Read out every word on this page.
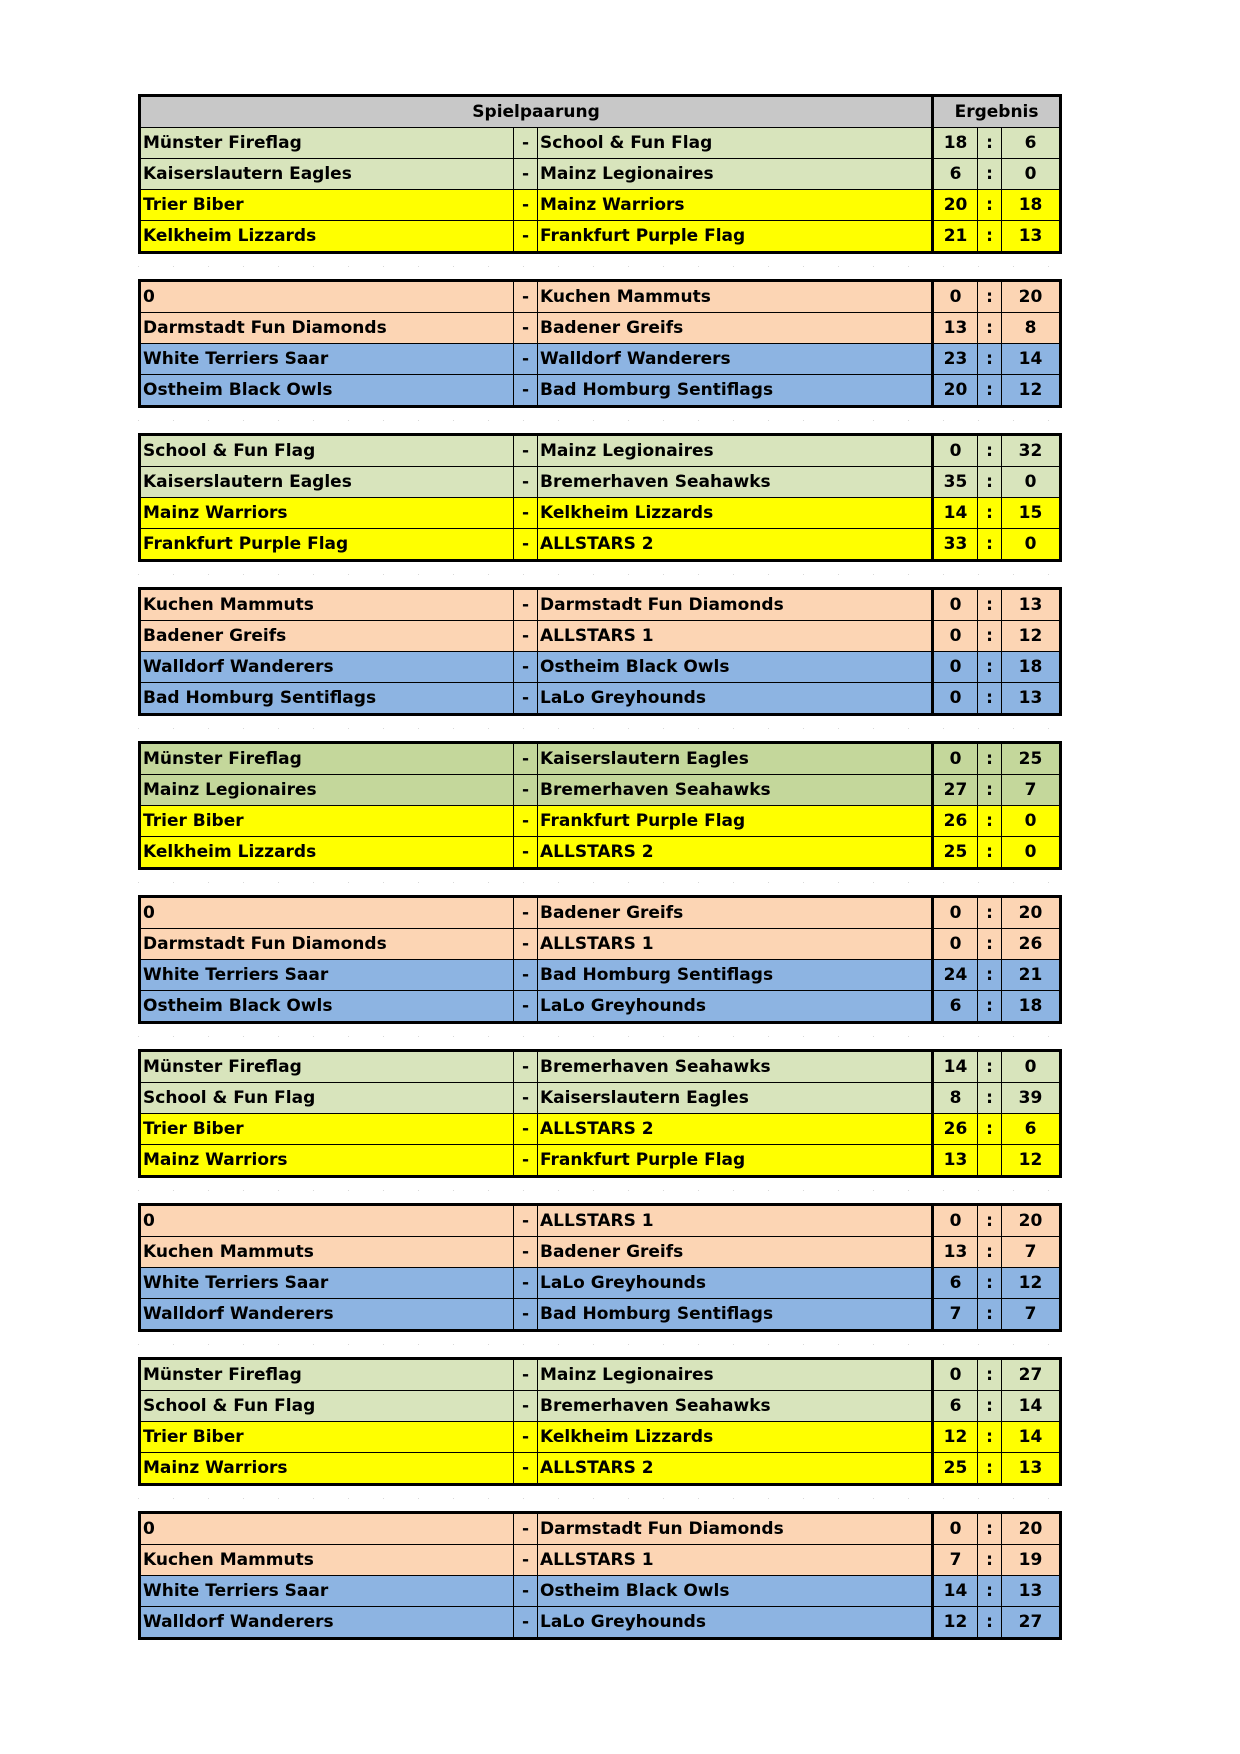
Spielpaarung			Ergebnis		
Münster Fireflag	-	School & Fun Flag	18	:	6
Kaiserslautern Eagles	-	Mainz Legionaires	6	:	0
Trier Biber	-	Mainz Warriors	20	:	18
Kelkheim Lizzards	-	Frankfurt Purple Flag	21	:	13
0	-	Kuchen Mammuts	0	:	20
Darmstadt Fun Diamonds	-	Badener Greifs	13	:	8
White Terriers Saar	-	Walldorf Wanderers	23	:	14
Ostheim Black Owls	-	Bad Homburg Sentiflags	20	:	12
School & Fun Flag	-	Mainz Legionaires	0	:	32
Kaiserslautern Eagles	-	Bremerhaven Seahawks	35	:	0
Mainz Warriors	-	Kelkheim Lizzards	14	:	15
Frankfurt Purple Flag	-	ALLSTARS 2	33	:	0
Kuchen Mammuts	-	Darmstadt Fun Diamonds	0	:	13
Badener Greifs	-	ALLSTARS 1	0	:	12
Walldorf Wanderers	-	Ostheim Black Owls	0	:	18
Bad Homburg Sentiflags	-	LaLo Greyhounds	0	:	13
Münster Fireflag	-	Kaiserslautern Eagles	0	:	25
Mainz Legionaires	-	Bremerhaven Seahawks	27	:	7
Trier Biber	-	Frankfurt Purple Flag	26	:	0
Kelkheim Lizzards	-	ALLSTARS 2	25	:	0
0	-	Badener Greifs	0	:	20
Darmstadt Fun Diamonds	-	ALLSTARS 1	0	:	26
White Terriers Saar	-	Bad Homburg Sentiflags	24	:	21
Ostheim Black Owls	-	LaLo Greyhounds	6	:	18
Münster Fireflag	-	Bremerhaven Seahawks	14	:	0
School & Fun Flag	-	Kaiserslautern Eagles	8	:	39
Trier Biber	-	ALLSTARS 2	26	:	6
Mainz Warriors	-	Frankfurt Purple Flag	13		12
0	-	ALLSTARS 1	0	:	20
Kuchen Mammuts	-	Badener Greifs	13	:	7
White Terriers Saar	-	LaLo Greyhounds	6	:	12
Walldorf Wanderers	-	Bad Homburg Sentiflags	7	:	7
Münster Fireflag	-	Mainz Legionaires	0	:	27
School & Fun Flag	-	Bremerhaven Seahawks	6	:	14
Trier Biber	-	Kelkheim Lizzards	12	:	14
Mainz Warriors	-	ALLSTARS 2	25	:	13
0	-	Darmstadt Fun Diamonds	0	:	20
Kuchen Mammuts	-	ALLSTARS 1	7	:	19
White Terriers Saar	-	Ostheim Black Owls	14	:	13
Walldorf Wanderers	-	LaLo Greyhounds	12	:	27
